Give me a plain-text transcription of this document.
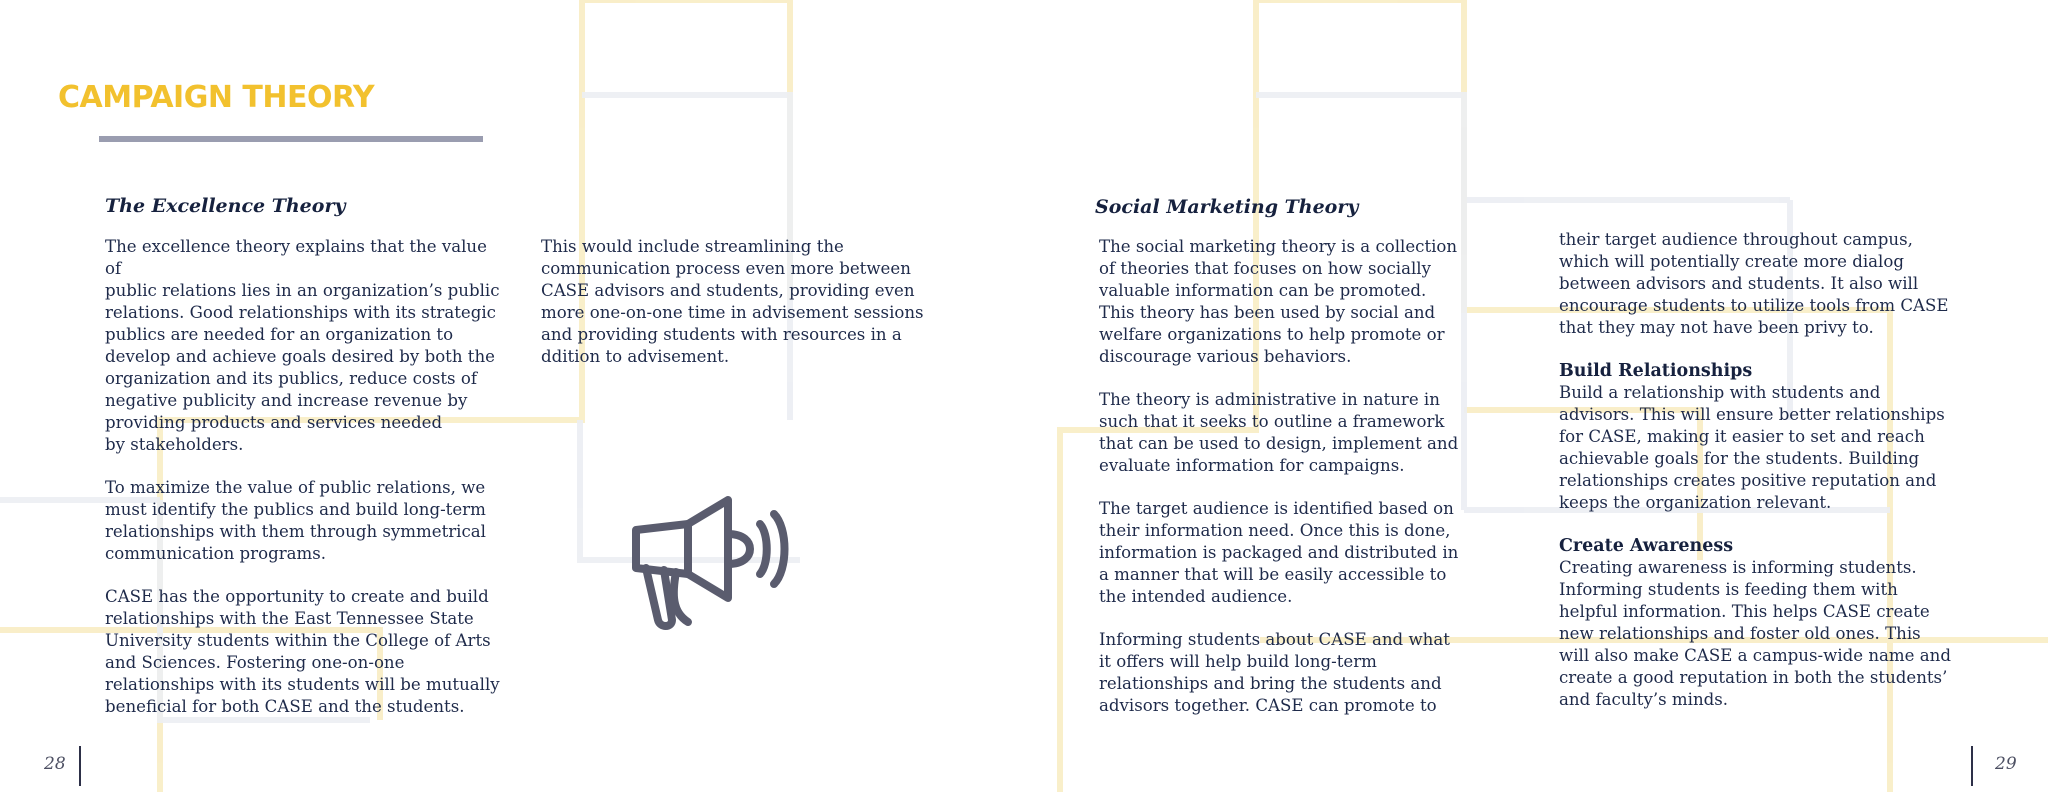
CAMPAIGN THEORY
The Excellence Theory

The excellence theory explains that the value of
public relations lies in an organization’s public
relations. Good relationships with its strategic
publics are needed for an organization to
develop and achieve goals desired by both the
organization and its publics, reduce costs of
negative publicity and increase revenue by
providing products and services needed
by stakeholders.

To maximize the value of public relations, we
must identify the publics and build long-term
relationships with them through symmetrical
communication programs.

CASE has the opportunity to create and build
relationships with the East Tennessee State
University students within the College of Arts
and Sciences. Fostering one-on-one
relationships with its students will be mutually
beneficial for both CASE and the students.

This would include streamlining the
communication process even more between
CASE advisors and students, providing even
more one-on-one time in advisement sessions
and providing students with resources in a
ddition to advisement.

28
Social Marketing Theory

The social marketing theory is a collection
of theories that focuses on how socially
valuable information can be promoted.
This theory has been used by social and
welfare organizations to help promote or
discourage various behaviors.

The theory is administrative in nature in
such that it seeks to outline a framework
that can be used to design, implement and
evaluate information for campaigns.

The target audience is identified based on
their information need. Once this is done,
information is packaged and distributed in
a manner that will be easily accessible to
the intended audience.

Informing students about CASE and what
it offers will help build long-term
relationships and bring the students and
advisors together. CASE can promote to

their target audience throughout campus,
which will potentially create more dialog
between advisors and students. It also will
encourage students to utilize tools from CASE
that they may not have been privy to.

Build Relationships

Build a relationship with students and
advisors. This will ensure better relationships
for CASE, making it easier to set and reach
achievable goals for the students. Building
relationships creates positive reputation and
keeps the organization relevant.

Create Awareness

Creating awareness is informing students.
Informing students is feeding them with
helpful information. This helps CASE create
new relationships and foster old ones. This
will also make CASE a campus-wide name and
create a good reputation in both the students’
and faculty’s minds.

29
